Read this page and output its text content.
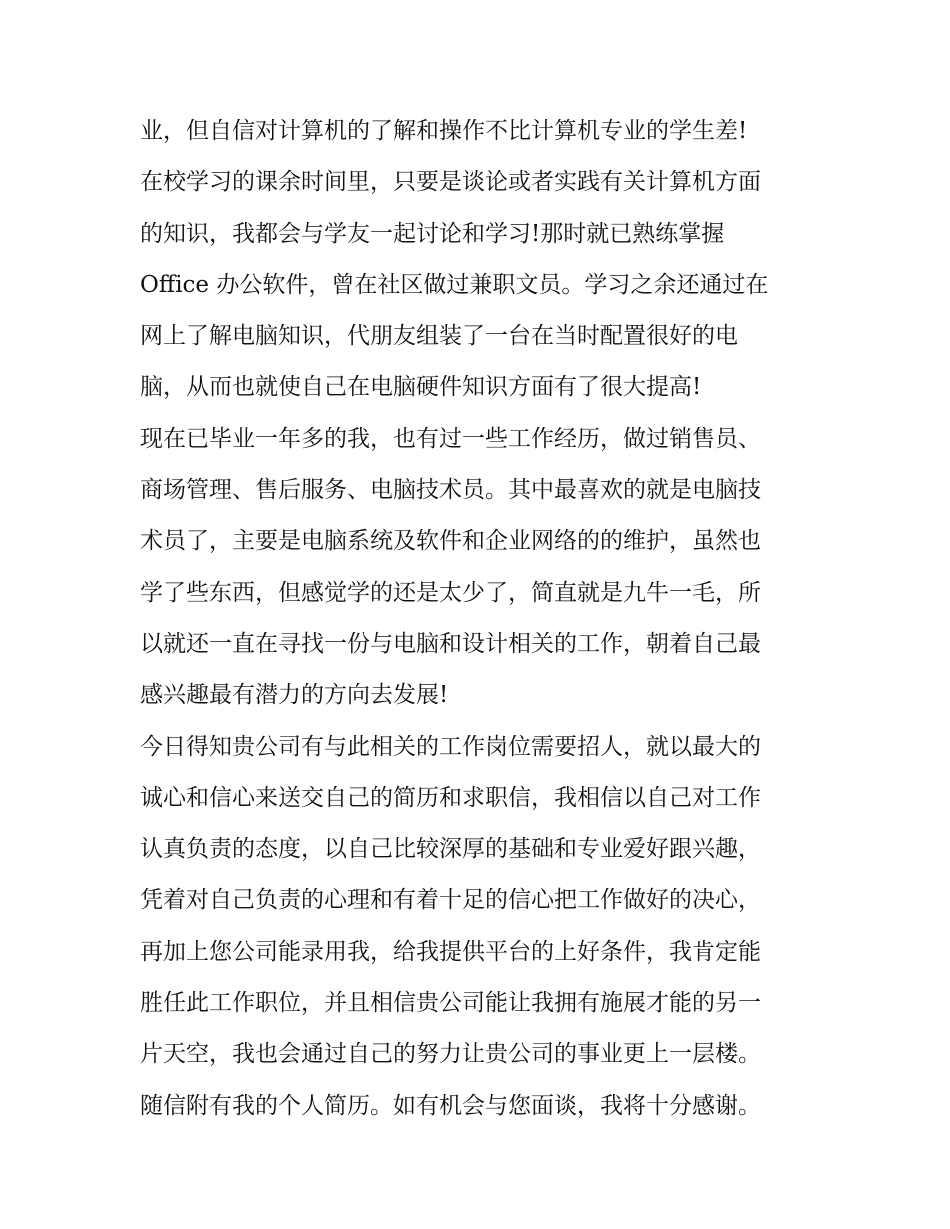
业，但自信对计算机的了解和操作不比计算机专业的学生差!
在校学习的课余时间里，只要是谈论或者实践有关计算机方面
的知识，我都会与学友一起讨论和学习!那时就已熟练掌握
Office 办公软件，曾在社区做过兼职文员。学习之余还通过在
网上了解电脑知识，代朋友组装了一台在当时配置很好的电
脑，从而也就使自己在电脑硬件知识方面有了很大提高!
现在已毕业一年多的我，也有过一些工作经历，做过销售员、
商场管理、售后服务、电脑技术员。其中最喜欢的就是电脑技
术员了，主要是电脑系统及软件和企业网络的的维护，虽然也
学了些东西，但感觉学的还是太少了，简直就是九牛一毛，所
以就还一直在寻找一份与电脑和设计相关的工作，朝着自己最
感兴趣最有潜力的方向去发展!
今日得知贵公司有与此相关的工作岗位需要招人，就以最大的
诚心和信心来送交自己的简历和求职信，我相信以自己对工作
认真负责的态度，以自己比较深厚的基础和专业爱好跟兴趣，
凭着对自己负责的心理和有着十足的信心把工作做好的决心，
再加上您公司能录用我，给我提供平台的上好条件，我肯定能
胜任此工作职位，并且相信贵公司能让我拥有施展才能的另一
片天空，我也会通过自己的努力让贵公司的事业更上一层楼。
随信附有我的个人简历。如有机会与您面谈，我将十分感谢。
